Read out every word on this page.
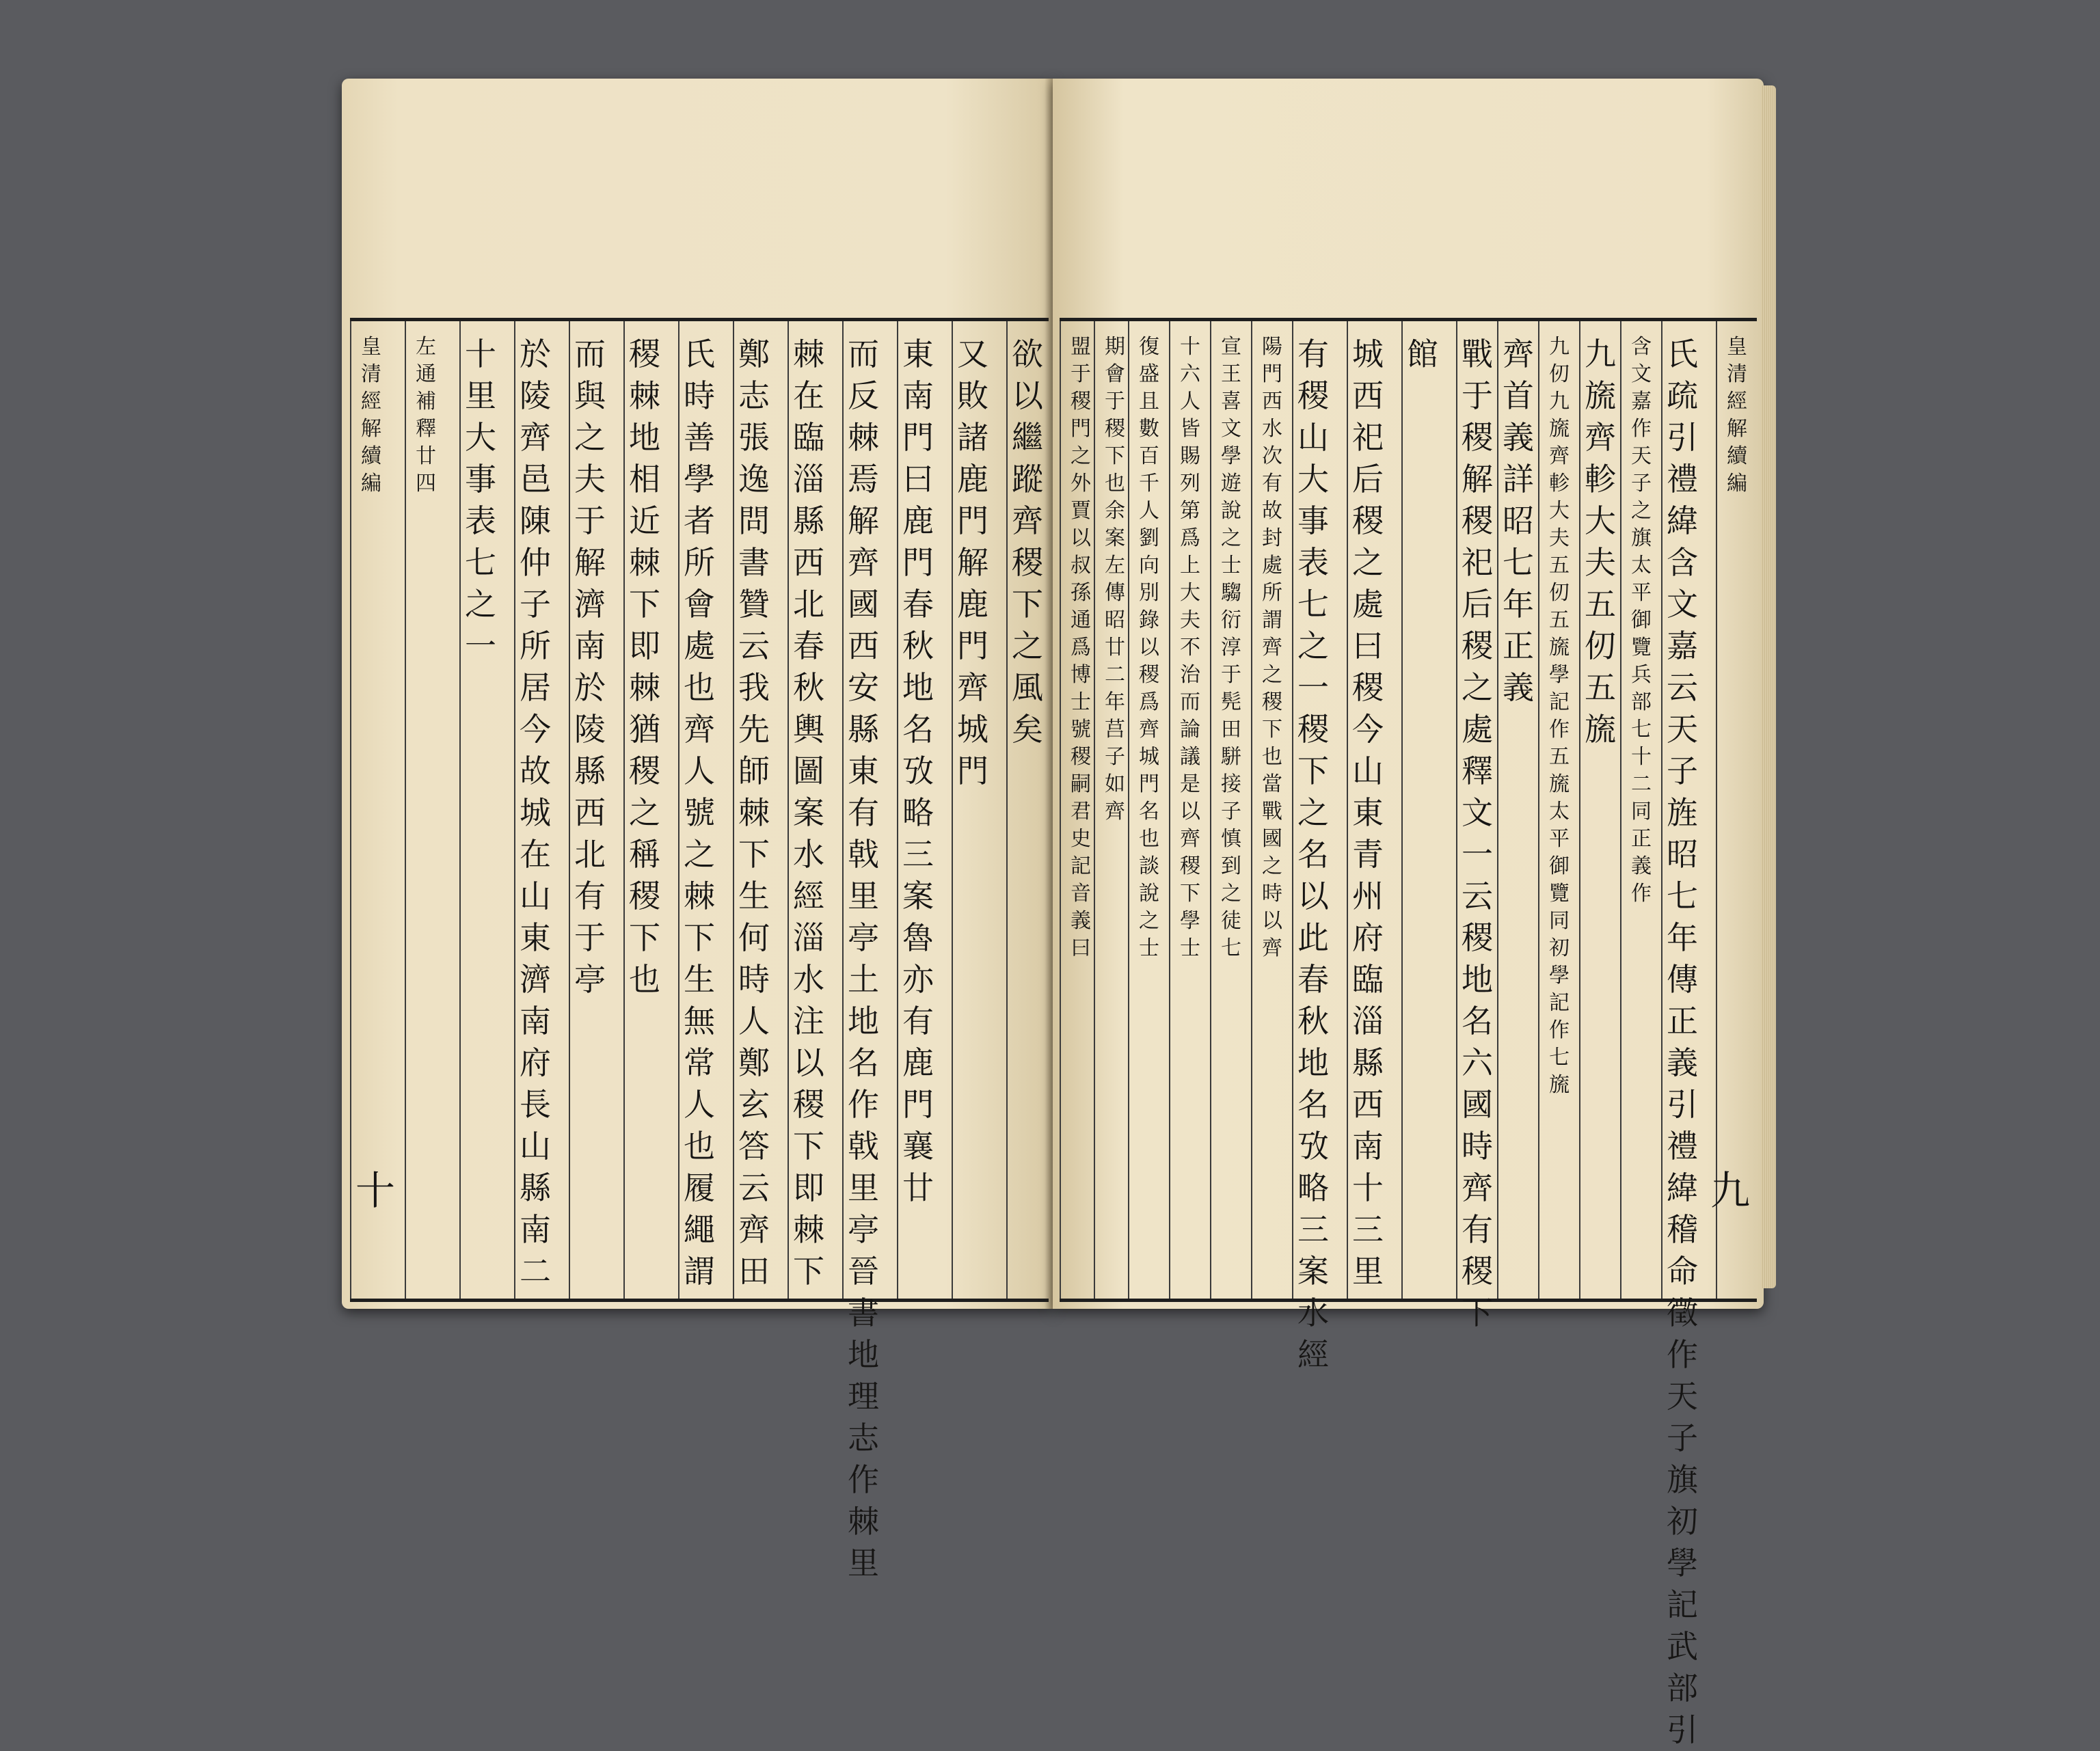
欲以繼蹤齊稷下之風矣
又敗諸鹿門解鹿門齊城門
東南門曰鹿門春秋地名攷略三案魯亦有鹿門襄廿
而反棘焉解齊國西安縣東有戟里亭土地名作戟里亭晉書地理志作棘里
棘在臨淄縣西北春秋輿圖案水經淄水注以稷下即棘下
鄭志張逸問書贊云我先師棘下生何時人鄭玄答云齊田
氏時善學者所會處也齊人號之棘下生無常人也履繩謂
稷棘地相近棘下即棘猶稷之稱稷下也
而與之夫于解濟南於陵縣西北有于亭
於陵齊邑陳仲子所居今故城在山東濟南府長山縣南二
十里大事表七之一
左通補釋廿四
皇清經解續編
十
皇清經解續編
氏疏引禮緯含文嘉云天子旌昭七年傳正義引禮緯稽命徵作天子旗初學記武部引
含文嘉作天子之旗太平御覽兵部七十二同正義作
九旒齊軫大夫五仞五旒
九仞九旒齊軫大夫五仞五旒學記作五旒太平御覽同初學記作七旒
齊首義詳昭七年正義
戰于稷解稷祀后稷之處釋文一云稷地名六國時齊有稷下
館
城西祀后稷之處曰稷今山東青州府臨淄縣西南十三里
有稷山大事表七之一稷下之名以此春秋地名攷略三案水經
陽門西水次有故封處所謂齊之稷下也當戰國之時以齊
宣王喜文學遊說之士騶衍淳于髡田駢接子慎到之徒七
十六人皆賜列第爲上大夫不治而論議是以齊稷下學士
復盛且數百千人劉向別錄以稷爲齊城門名也談說之士
期會于稷下也余案左傳昭廿二年莒子如齊
盟于稷門之外賈以叔孫通爲博士號稷嗣君史記音義曰
九
